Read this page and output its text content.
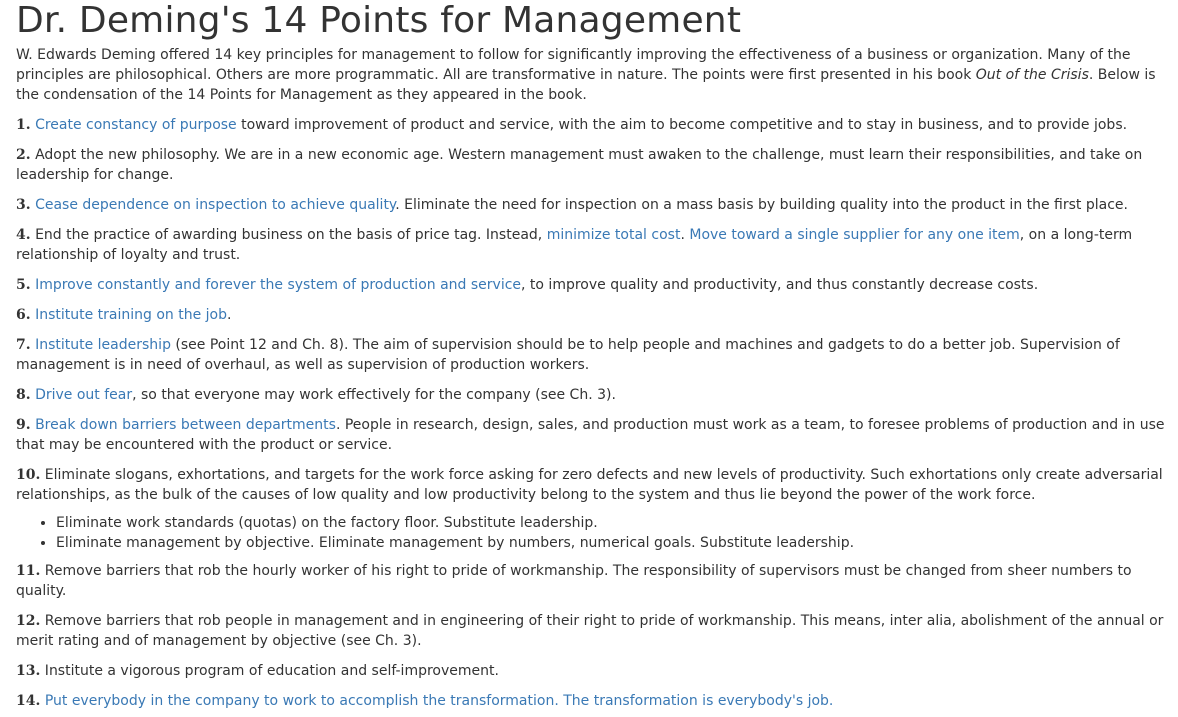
Dr. Deming's 14 Points for Management

W. Edwards Deming offered 14 key principles for management to follow for significantly improving the effectiveness of a business or organization. Many of the principles are philosophical. Others are more programmatic. All are transformative in nature. The points were first presented in his book Out of the Crisis. Below is the condensation of the 14 Points for Management as they appeared in the book.

1. Create constancy of purpose toward improvement of product and service, with the aim to become competitive and to stay in business, and to provide jobs.

2. Adopt the new philosophy. We are in a new economic age. Western management must awaken to the challenge, must learn their responsibilities, and take on leadership for change.

3. Cease dependence on inspection to achieve quality. Eliminate the need for inspection on a mass basis by building quality into the product in the first place.

4. End the practice of awarding business on the basis of price tag. Instead, minimize total cost. Move toward a single supplier for any one item, on a long-term relationship of loyalty and trust.

5. Improve constantly and forever the system of production and service, to improve quality and productivity, and thus constantly decrease costs.

6. Institute training on the job.

7. Institute leadership (see Point 12 and Ch. 8). The aim of supervision should be to help people and machines and gadgets to do a better job. Supervision of management is in need of overhaul, as well as supervision of production workers.

8. Drive out fear, so that everyone may work effectively for the company (see Ch. 3).

9. Break down barriers between departments. People in research, design, sales, and production must work as a team, to foresee problems of production and in use that may be encountered with the product or service.

10. Eliminate slogans, exhortations, and targets for the work force asking for zero defects and new levels of productivity. Such exhortations only create adversarial relationships, as the bulk of the causes of low quality and low productivity belong to the system and thus lie beyond the power of the work force.

• Eliminate work standards (quotas) on the factory floor. Substitute leadership.
• Eliminate management by objective. Eliminate management by numbers, numerical goals. Substitute leadership.

11. Remove barriers that rob the hourly worker of his right to pride of workmanship. The responsibility of supervisors must be changed from sheer numbers to quality.

12. Remove barriers that rob people in management and in engineering of their right to pride of workmanship. This means, inter alia, abolishment of the annual or merit rating and of management by objective (see Ch. 3).

13. Institute a vigorous program of education and self-improvement.

14. Put everybody in the company to work to accomplish the transformation. The transformation is everybody's job.
